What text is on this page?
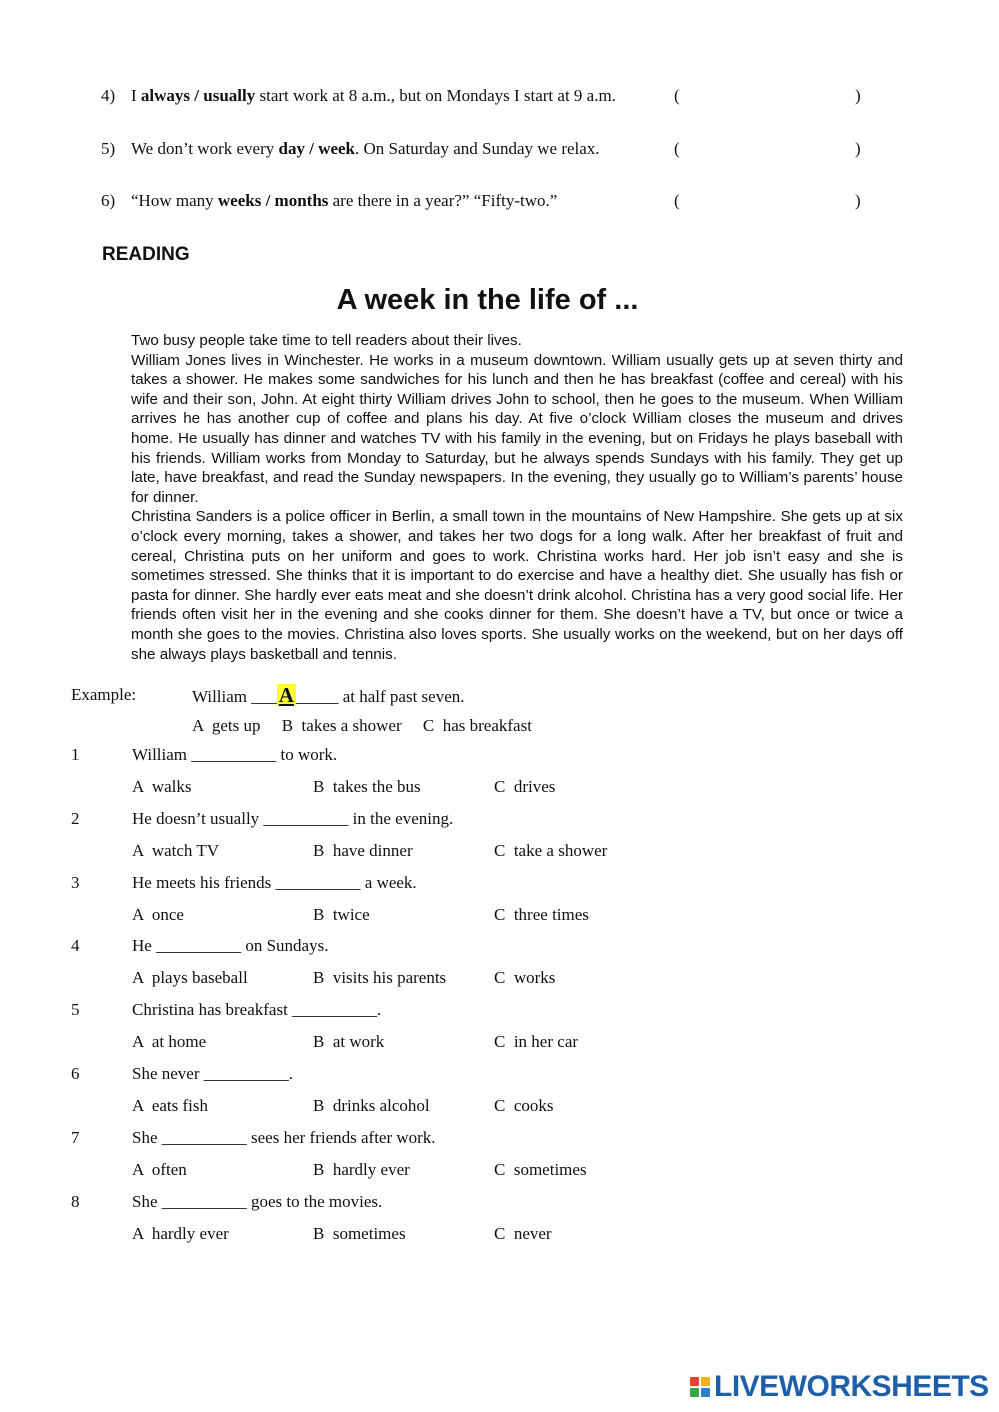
4) I always / usually start work at 8 a.m., but on Mondays I start at 9 a.m.	(	)
5) We don’t work every day / week. On Saturday and Sunday we relax.	(	)
6) “How many weeks / months are there in a year?” “Fifty-two.”	(	)
READING
A week in the life of ...

Two busy people take time to tell readers about their lives.

William Jones lives in Winchester. He works in a museum downtown. William usually gets up at seven thirty and takes a shower. He makes some sandwiches for his lunch and then he has breakfast (coffee and cereal) with his wife and their son, John. At eight thirty William drives John to school, then he goes to the museum. When William arrives he has another cup of coffee and plans his day. At five o’clock William closes the museum and drives home. He usually has dinner and watches TV with his family in the evening, but on Fridays he plays baseball with his friends. William works from Monday to Saturday, but he always spends Sundays with his family. They get up late, have breakfast, and read the Sunday newspapers. In the evening, they usually go to William’s parents’ house for dinner.

Christina Sanders is a police officer in Berlin, a small town in the mountains of New Hampshire. She gets up at six o’clock every morning, takes a shower, and takes her two dogs for a long walk. After her breakfast of fruit and cereal, Christina puts on her uniform and goes to work. Christina works hard. Her job isn’t easy and she is sometimes stressed. She thinks that it is important to do exercise and have a healthy diet. She usually has fish or pasta for dinner. She hardly ever eats meat and she doesn’t drink alcohol. Christina has a very good social life. Her friends often visit her in the evening and she cooks dinner for them. She doesn’t have a TV, but once or twice a month she goes to the movies. Christina also loves sports. She usually works on the weekend, but on her days off she always plays basketball and tennis.

Example:	William ___A _____ at half past seven.
A  gets up     B  takes a shower     C  has breakfast
1	William __________ to work.
A  walks	B  takes the bus	C  drives
2	He doesn’t usually __________ in the evening.
A  watch TV	B  have dinner	C  take a shower
3	He meets his friends __________ a week.
A  once	B  twice	C  three times
4	He __________ on Sundays.
A  plays baseball	B  visits his parents	C  works
5	Christina has breakfast __________.
A  at home	B  at work	C  in her car
6	She never __________.
A  eats fish	B  drinks alcohol	C  cooks
7	She __________ sees her friends after work.
A  often	B  hardly ever	C  sometimes
8	She __________ goes to the movies.
A  hardly ever	B  sometimes	C  never
LIVEWORKSHEETS
